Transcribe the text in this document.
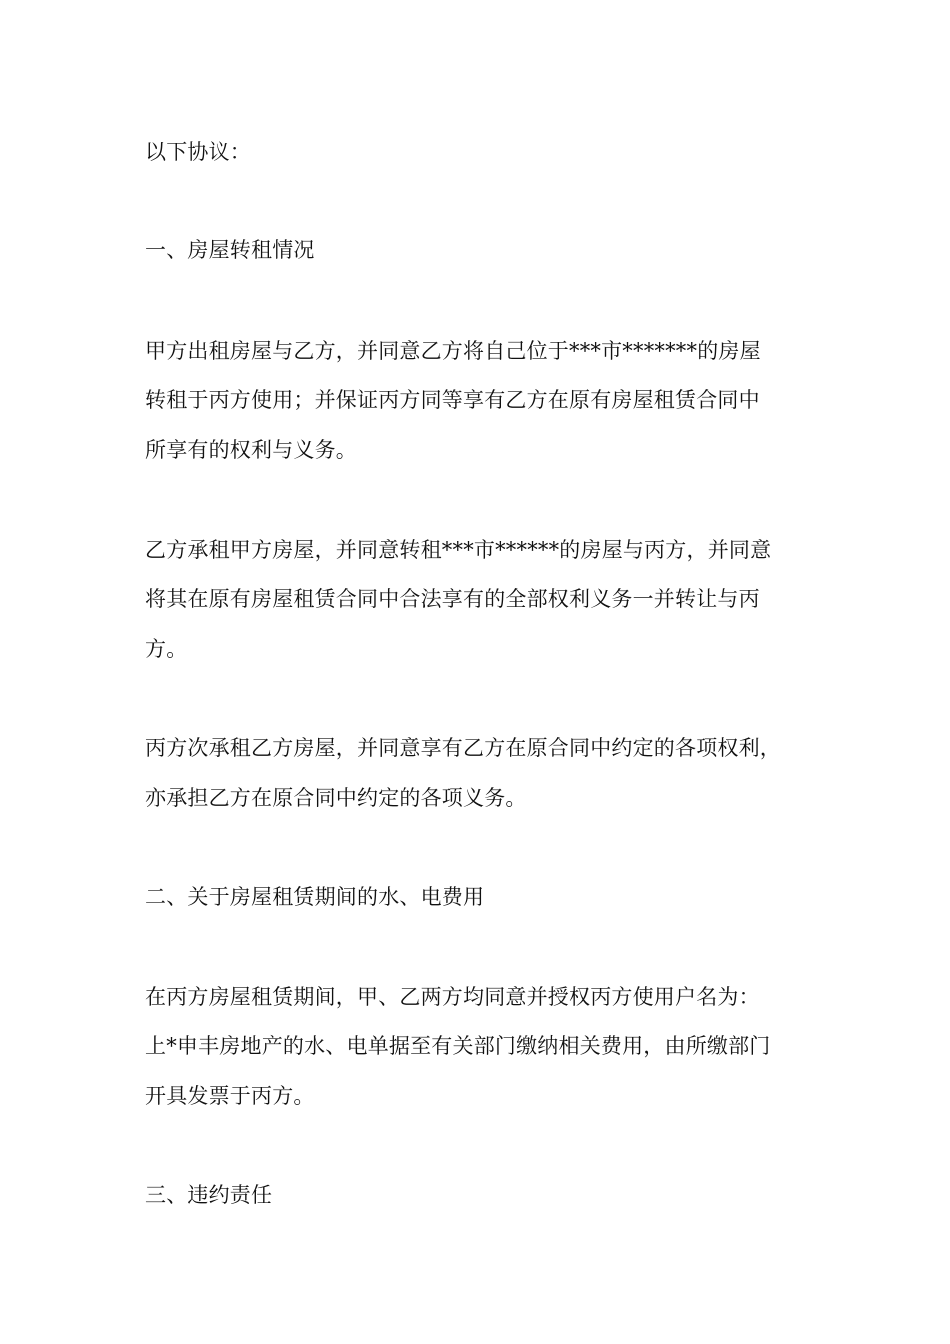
以下协议：
一、房屋转租情况
甲方出租房屋与乙方，并同意乙方将自己位于***市*******的房屋
转租于丙方使用；并保证丙方同等享有乙方在原有房屋租赁合同中
所享有的权利与义务。
乙方承租甲方房屋，并同意转租***市******的房屋与丙方，并同意
将其在原有房屋租赁合同中合法享有的全部权利义务一并转让与丙
方。
丙方次承租乙方房屋，并同意享有乙方在原合同中约定的各项权利，
亦承担乙方在原合同中约定的各项义务。
二、关于房屋租赁期间的水、电费用
在丙方房屋租赁期间，甲、乙两方均同意并授权丙方使用户名为：
上*申丰房地产的水、电单据至有关部门缴纳相关费用，由所缴部门
开具发票于丙方。
三、违约责任
